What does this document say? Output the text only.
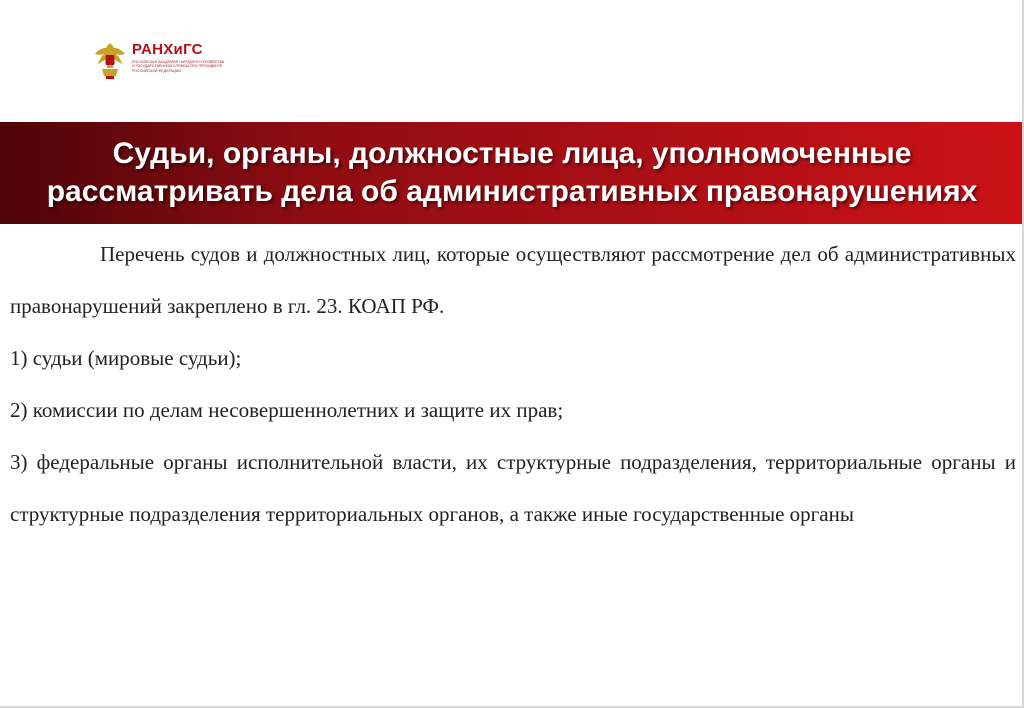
РАНХиГС
РОССИЙСКАЯ АКАДЕМИЯ НАРОДНОГО ХОЗЯЙСТВА И ГОСУДАРСТВЕННОЙ СЛУЖБЫ ПРИ ПРЕЗИДЕНТЕ РОССИЙСКОЙ ФЕДЕРАЦИИ
Судьи, органы, должностные лица, уполномоченные
рассматривать дела об административных правонарушениях

Перечень судов и должностных лиц, которые осуществляют рассмотрение дел об административных правонарушений закреплено в гл. 23. КОАП РФ.

1) судьи (мировые судьи);

2) комиссии по делам несовершеннолетних и защите их прав;

3) федеральные органы исполнительной власти, их структурные подразделения, территориальные органы и структурные подразделения территориальных органов, а также иные государственные органы
